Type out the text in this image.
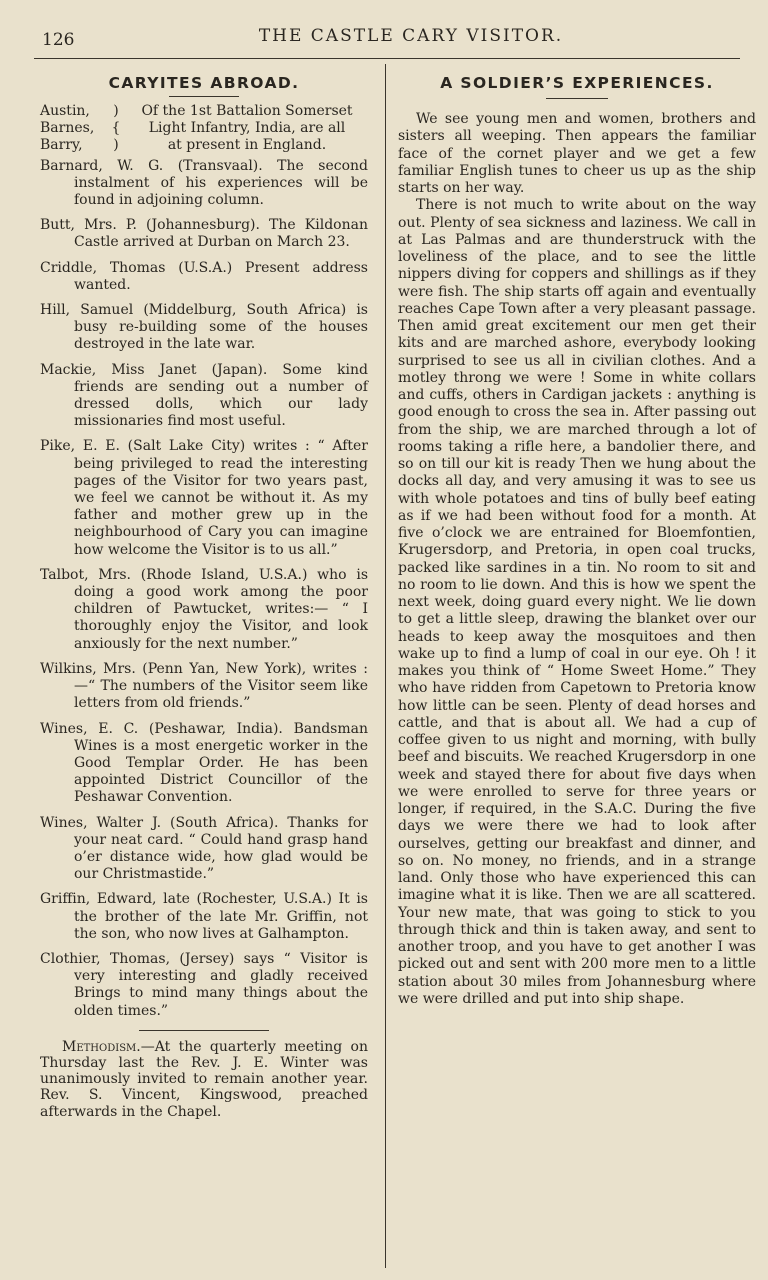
126	THE CASTLE CARY VISITOR.
CARYITES ABROAD.
Austin,
Barnes,
Barry,
)
{
)
Of the 1st Battalion Somerset
Light Infantry, India, are all
at present in England.

Barnard, W. G. (Transvaal). The second instalment of his experiences will be found in adjoining column.

Butt, Mrs. P. (Johannesburg). The Kildonan Castle arrived at Durban on March 23.

Criddle, Thomas (U.S.A.) Present address wanted.

Hill, Samuel (Middelburg, South Africa) is busy re-building some of the houses destroyed in the late war.

Mackie, Miss Janet (Japan). Some kind friends are sending out a number of dressed dolls, which our lady missionaries find most useful.

Pike, E. E. (Salt Lake City) writes : “ After being privileged to read the interesting pages of the Visitor for two years past, we feel we cannot be without it. As my father and mother grew up in the neighbourhood of Cary you can imagine how welcome the Visitor is to us all.”

Talbot, Mrs. (Rhode Island, U.S.A.) who is doing a good work among the poor children of Pawtucket, writes:— “ I thoroughly enjoy the Visitor, and look anxiously for the next number.”

Wilkins, Mrs. (Penn Yan, New York), writes :—“ The numbers of the Visitor seem like letters from old friends.”

Wines, E. C. (Peshawar, India). Bandsman Wines is a most energetic worker in the Good Templar Order. He has been appointed District Councillor of the Peshawar Convention.

Wines, Walter J. (South Africa). Thanks for your neat card. “ Could hand grasp hand o’er distance wide, how glad would be our Christmastide.”

Griffin, Edward, late (Rochester, U.S.A.) It is the brother of the late Mr. Griffin, not the son, who now lives at Galhampton.

Clothier, Thomas, (Jersey) says “ Visitor is very interesting and gladly received Brings to mind many things about the olden times.”

Methodism.—At the quarterly meeting on Thursday last the Rev. J. E. Winter was unanimously invited to remain another year. Rev. S. Vincent, Kingswood, preached afterwards in the Chapel.

A SOLDIER’S EXPERIENCES.

We see young men and women, brothers and sisters all weeping. Then appears the familiar face of the cornet player and we get a few familiar English tunes to cheer us up as the ship starts on her way.

There is not much to write about on the way out. Plenty of sea sickness and laziness. We call in at Las Palmas and are thunderstruck with the loveliness of the place, and to see the little nippers diving for coppers and shillings as if they were fish. The ship starts off again and eventually reaches Cape Town after a very pleasant passage. Then amid great excitement our men get their kits and are marched ashore, everybody looking surprised to see us all in civilian clothes. And a motley throng we were ! Some in white collars and cuffs, others in Cardigan jackets : anything is good enough to cross the sea in. After passing out from the ship, we are marched through a lot of rooms taking a rifle here, a bandolier there, and so on till our kit is ready Then we hung about the docks all day, and very amusing it was to see us with whole potatoes and tins of bully beef eating as if we had been without food for a month. At five o’clock we are entrained for Bloemfontien, Krugersdorp, and Pretoria, in open coal trucks, packed like sardines in a tin. No room to sit and no room to lie down. And this is how we spent the next week, doing guard every night. We lie down to get a little sleep, drawing the blanket over our heads to keep away the mosquitoes and then wake up to find a lump of coal in our eye. Oh ! it makes you think of “ Home Sweet Home.” They who have ridden from Capetown to Pretoria know how little can be seen. Plenty of dead horses and cattle, and that is about all. We had a cup of coffee given to us night and morning, with bully beef and biscuits. We reached Krugersdorp in one week and stayed there for about five days when we were enrolled to serve for three years or longer, if required, in the S.A.C. During the five days we were there we had to look after ourselves, getting our breakfast and dinner, and so on. No money, no friends, and in a strange land. Only those who have experienced this can imagine what it is like. Then we are all scattered. Your new mate, that was going to stick to you through thick and thin is taken away, and sent to another troop, and you have to get another I was picked out and sent with 200 more men to a little station about 30 miles from Johannesburg where we were drilled and put into ship shape.
